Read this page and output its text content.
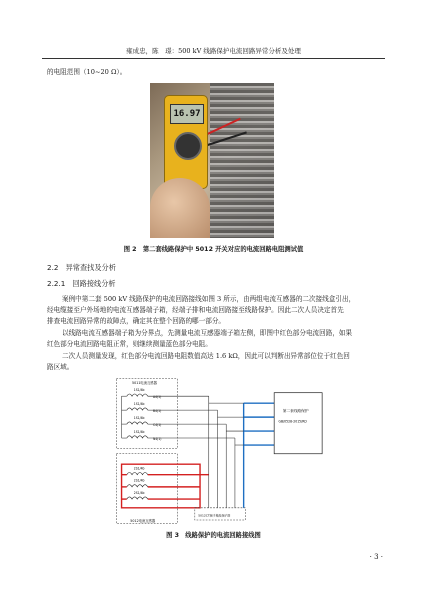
雍成忠，陈　璟：500 kV 线路保护电流回路异常分析及处理

的电阻范围（10~20 Ω）。

16.97
图 2　第二套线路保护中 5012 开关对应的电流回路电阻测试值
2.2　异常查找及分析
2.2.1　回路接线分析

案例中第二套 500 kV 线路保护的电流回路接线如图 3 所示，由两组电流互感器的二次接线盒引出，

经电缆接至户外场地的电流互感器端子箱，经端子排和电流回路接至线路保护。因此二次人员决定首先

排查电流回路异常的故障点，确定其在整个回路的哪一部分。

以线路电流互感器端子箱为分界点，先测量电流互感器端子箱左侧，即图中红色部分电流回路，如果

红色部分电流回路电阻正常，则继续测量蓝色部分电阻。

二次人员测量发现，红色部分电流回路电阻数值高达 1.6 kΩ，因此可以判断出异常部位位于红色回

路区域。

5011电流互感器
1S1/4b
A4(1)
1S1/4b
B4(1)
1S1/4b
C4(1)
1S1/4b
N4(1)
5012电流互感器
2S1/4b
2S1/4b
2S1/4b
5012CT端子箱及端子排
第二套线路保护
GB/0528-2015/RD
图 3　线路保护的电流回路接线图
· 3 ·
